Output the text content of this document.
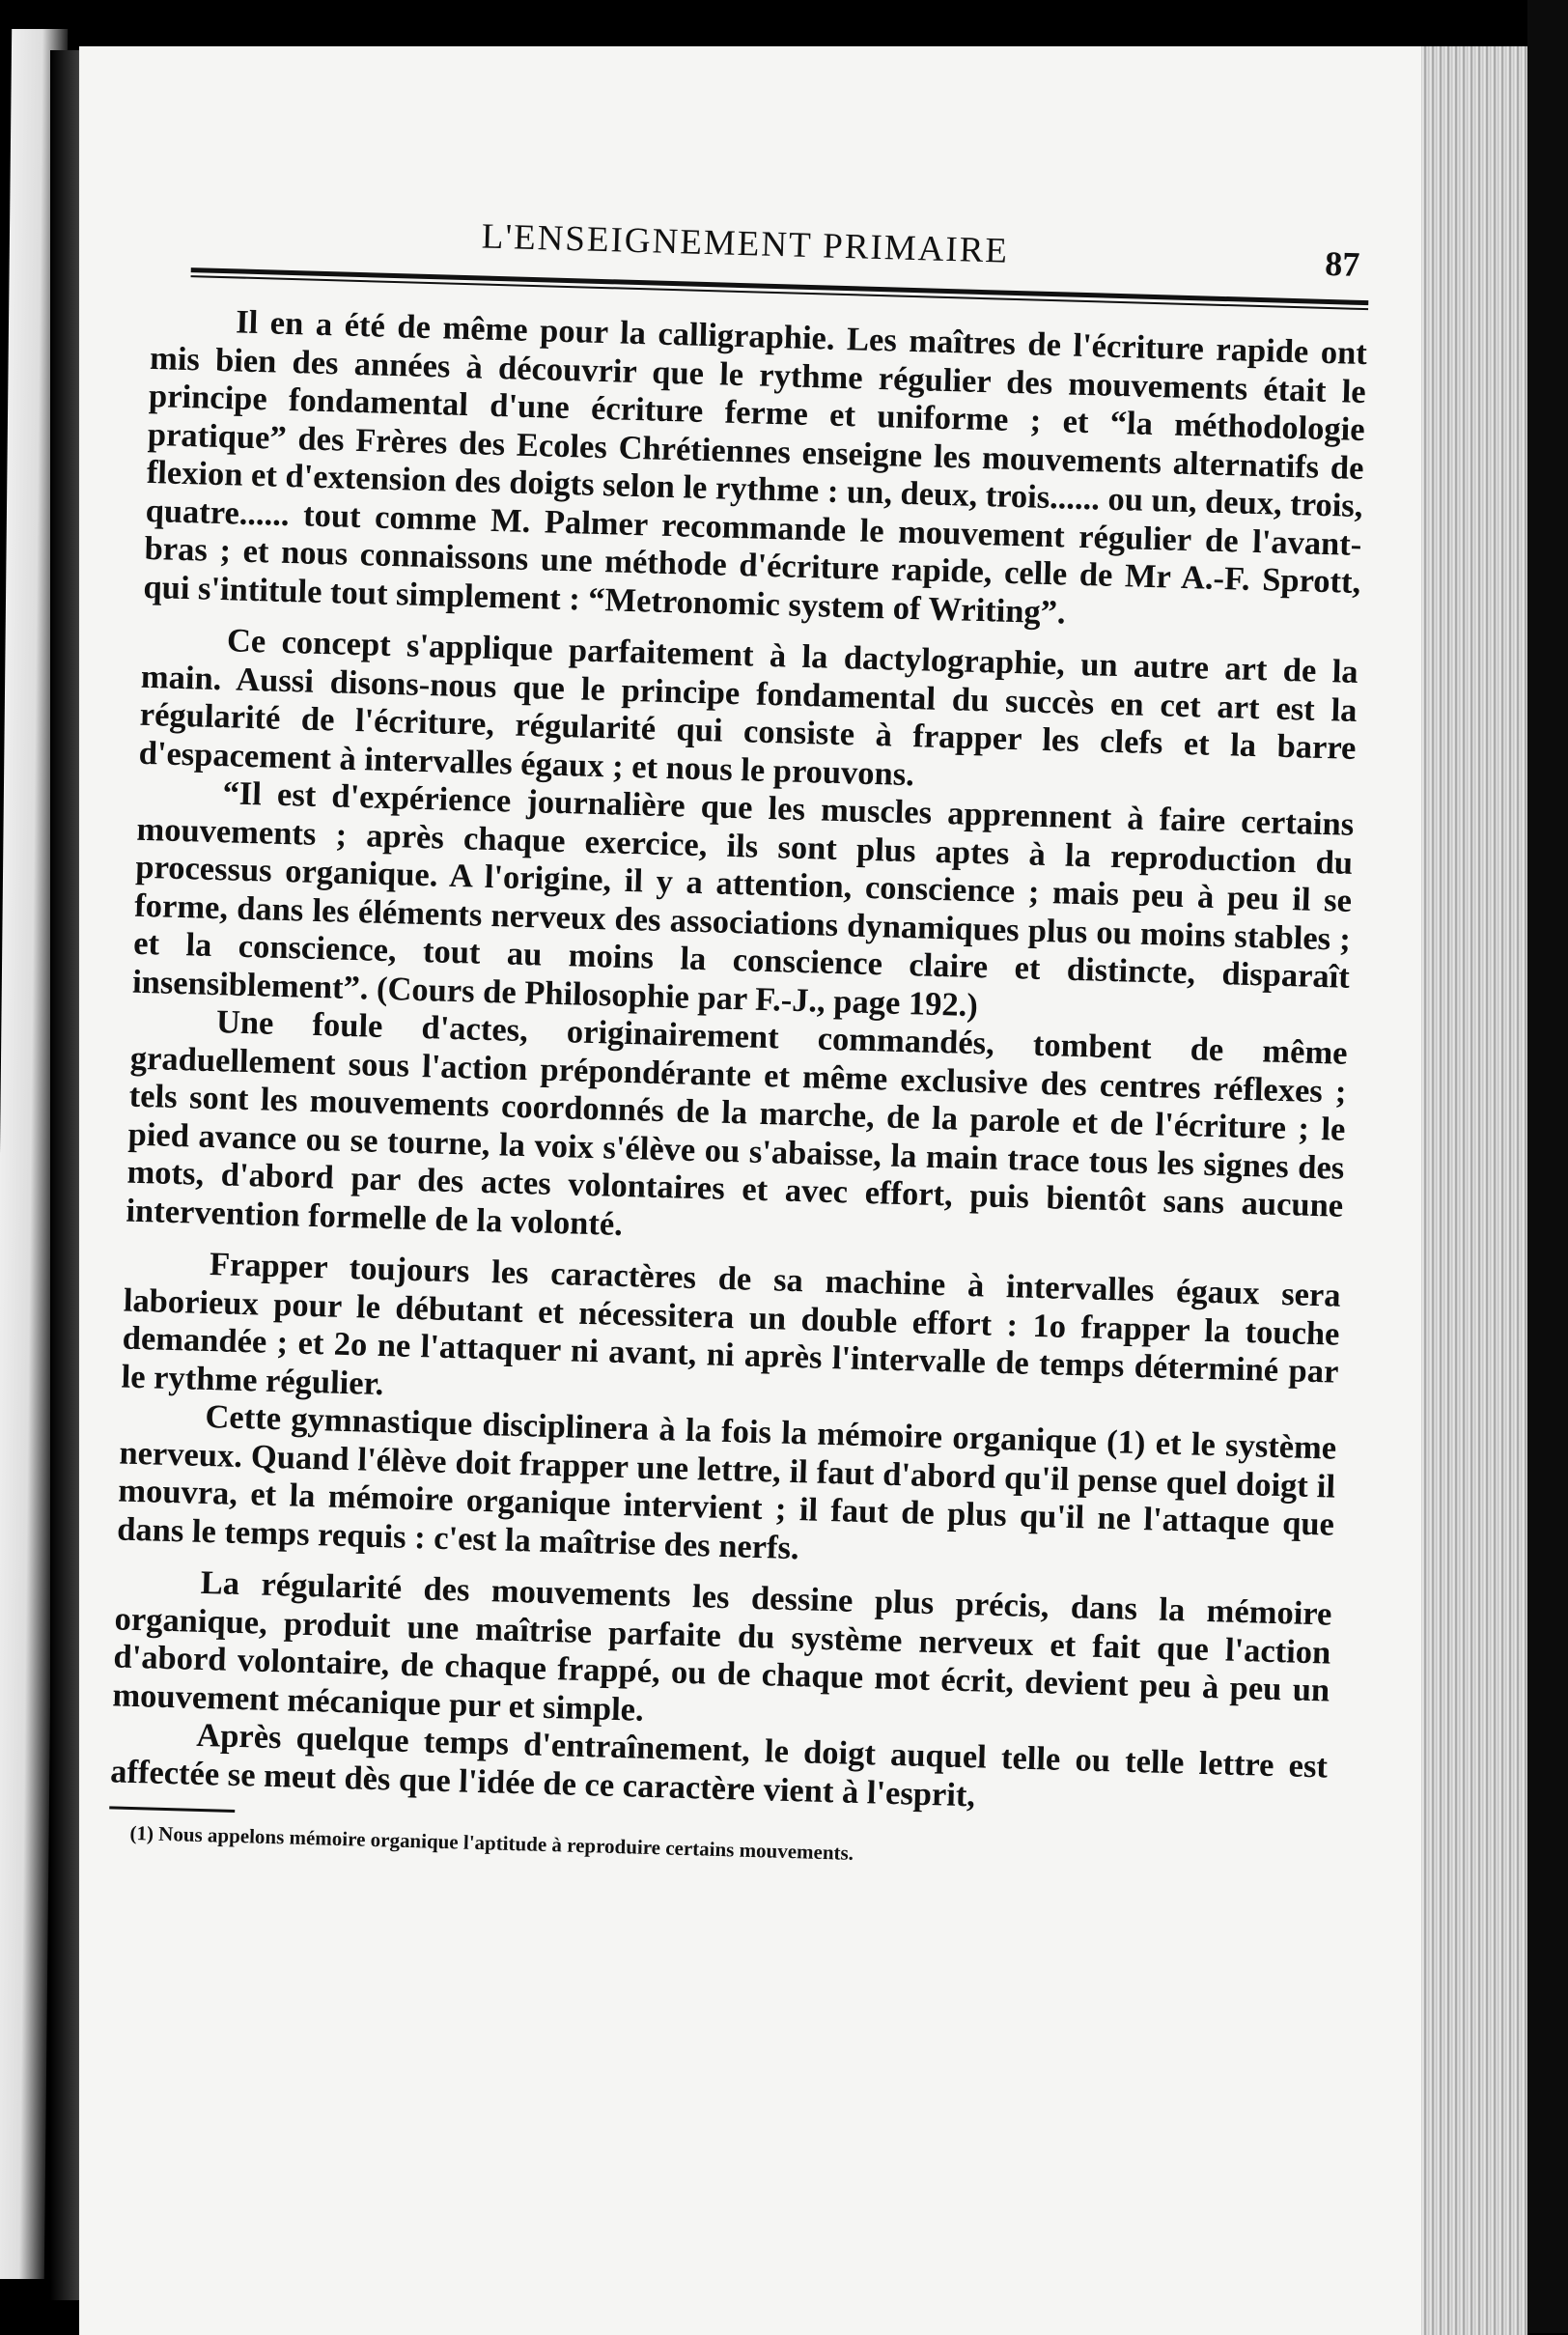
L'ENSEIGNEMENT PRIMAIRE	87

Il en a été de même pour la calligraphie. Les maîtres de l'écriture rapide ont mis bien des années à découvrir que le rythme régulier des mouvements était le principe fondamental d'une écriture ferme et uniforme ; et “la méthodologie pratique” des Frères des Ecoles Chrétiennes enseigne les mouvements alternatifs de flexion et d'extension des doigts selon le rythme : un, deux, trois...... ou un, deux, trois, quatre...... tout comme M. Palmer recommande le mouvement régulier de l'avant-bras ; et nous connaissons une méthode d'écriture rapide, celle de Mr A.-F. Sprott, qui s'intitule tout simplement : “Metronomic system of Writing”.

Ce concept s'applique parfaitement à la dactylographie, un autre art de la main. Aussi disons-nous que le principe fondamental du succès en cet art est la régularité de l'écriture, régularité qui consiste à frapper les clefs et la barre d'espacement à intervalles égaux ; et nous le prouvons.

“Il est d'expérience journalière que les muscles apprennent à faire certains mouvements ; après chaque exercice, ils sont plus aptes à la reproduction du processus organique. A l'origine, il y a attention, conscience ; mais peu à peu il se forme, dans les éléments nerveux des associations dynamiques plus ou moins stables ; et la conscience, tout au moins la conscience claire et distincte, disparaît insensiblement”. (Cours de Philosophie par F.-J., page 192.)

Une foule d'actes, originairement commandés, tombent de même graduellement sous l'action prépondérante et même exclusive des centres réflexes ; tels sont les mouvements coordonnés de la marche, de la parole et de l'écriture ; le pied avance ou se tourne, la voix s'élève ou s'abaisse, la main trace tous les signes des mots, d'abord par des actes volontaires et avec effort, puis bientôt sans aucune intervention formelle de la volonté.

Frapper toujours les caractères de sa machine à intervalles égaux sera laborieux pour le débutant et nécessitera un double effort : 1o frapper la touche demandée ; et 2o ne l'attaquer ni avant, ni après l'intervalle de temps déterminé par le rythme régulier.

Cette gymnastique disciplinera à la fois la mémoire organique (1) et le système nerveux. Quand l'élève doit frapper une lettre, il faut d'abord qu'il pense quel doigt il mouvra, et la mémoire organique intervient ; il faut de plus qu'il ne l'attaque que dans le temps requis : c'est la maîtrise des nerfs.

La régularité des mouvements les dessine plus précis, dans la mémoire organique, produit une maîtrise parfaite du système nerveux et fait que l'action d'abord volontaire, de chaque frappé, ou de chaque mot écrit, devient peu à peu un mouvement mécanique pur et simple.

Après quelque temps d'entraînement, le doigt auquel telle ou telle lettre est affectée se meut dès que l'idée de ce caractère vient à l'esprit,

(1) Nous appelons mémoire organique l'aptitude à reproduire certains mouvements.
